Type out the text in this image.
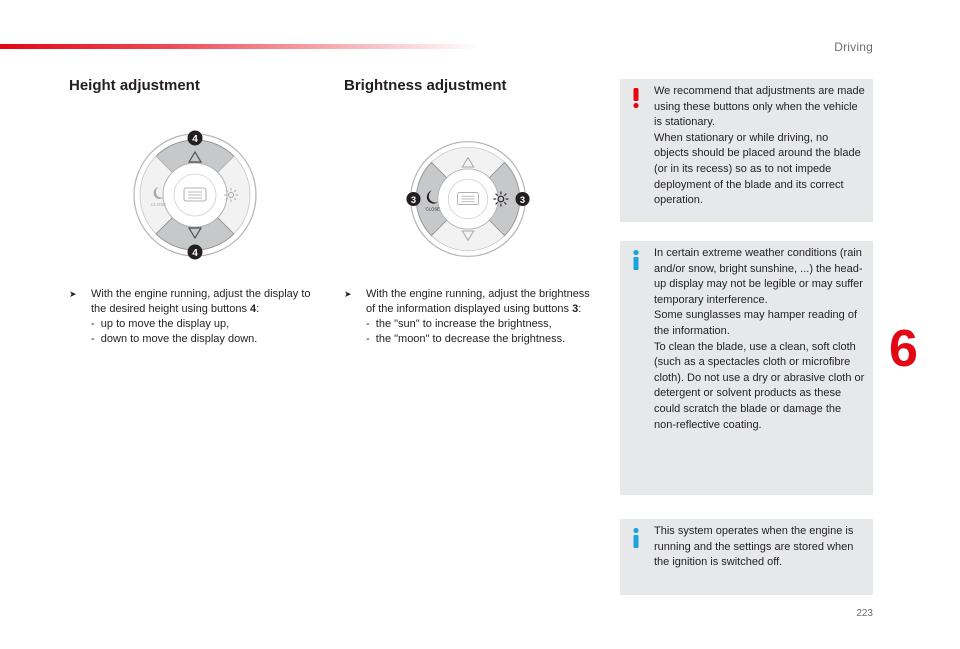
Driving
Height adjustment
CLOSE
4
4
➤ With the engine running, adjust the display to the desired height using buttons 4:
-  up to move the display up,
-  down to move the display down.
Brightness adjustment
CLOSE
3	3
➤ With the engine running, adjust the brightness of the information displayed using buttons 3:
-  the "sun" to increase the brightness,
-  the "moon" to decrease the brightness.
We recommend that adjustments are made using these buttons only when the vehicle is stationary.
When stationary or while driving, no objects should be placed around the blade (or in its recess) so as to not impede deployment of the blade and its correct operation.
In certain extreme weather conditions (rain and/or snow, bright sunshine, ...) the head-up display may not be legible or may suffer temporary interference.
Some sunglasses may hamper reading of the information.
To clean the blade, use a clean, soft cloth (such as a spectacles cloth or microfibre cloth). Do not use a dry or abrasive cloth or detergent or solvent products as these could scratch the blade or damage the non-reflective coating.
This system operates when the engine is running and the settings are stored when the ignition is switched off.
6
223
